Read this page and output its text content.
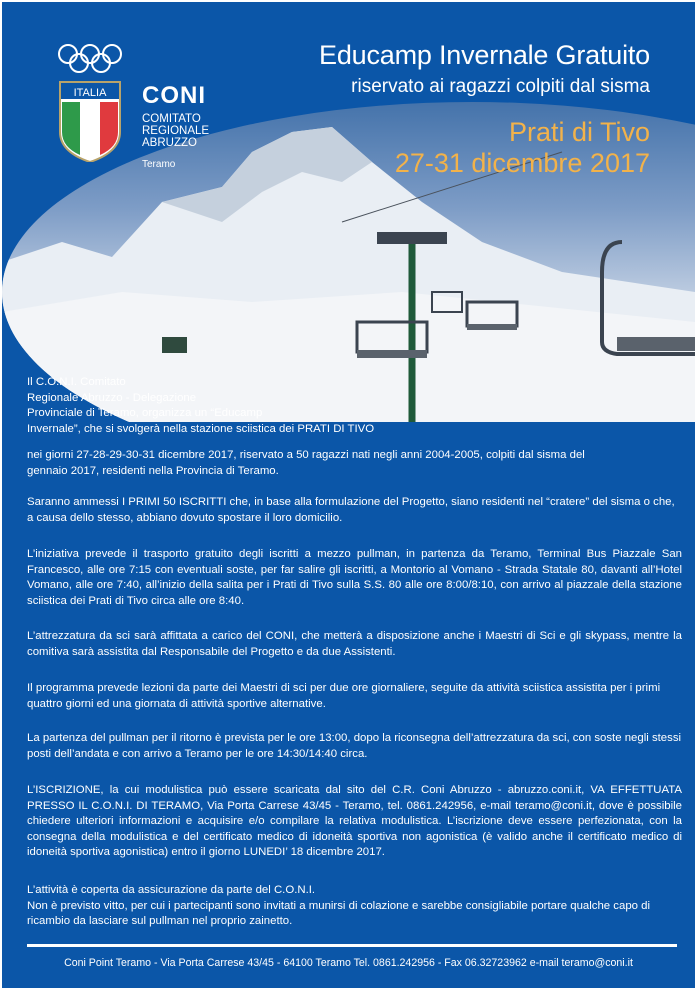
ITALIA CONI
COMITATO
REGIONALE
ABRUZZO
Teramo
Educamp Invernale Gratuito
riservato ai ragazzi colpiti dal sisma
Prati di Tivo
27-31 dicembre 2017
Il C.O.N.I. Comitato
Regionale Abruzzo - Delegazione
Provinciale di Teramo, organizza un “Educamp
Invernale”, che si svolgerà nella stazione sciistica dei PRATI DI TIVO
nei giorni 27-28-29-30-31 dicembre 2017, riservato a 50 ragazzi nati negli anni 2004-2005, colpiti dal sisma del gennaio 2017, residenti nella Provincia di Teramo.
Saranno ammessi I PRIMI 50 ISCRITTI che, in base alla formulazione del Progetto, siano residenti nel “cratere” del sisma o che, a causa dello stesso, abbiano dovuto spostare il loro domicilio.
L’iniziativa prevede il trasporto gratuito degli iscritti a mezzo pullman, in partenza da Teramo, Terminal Bus Piazzale San Francesco, alle ore 7:15 con eventuali soste, per far salire gli iscritti, a Montorio al Vomano - Strada Statale 80, davanti all’Hotel Vomano, alle ore 7:40, all’inizio della salita per i Prati di Tivo sulla S.S. 80 alle ore 8:00/8:10, con arrivo al piazzale della stazione sciistica dei Prati di Tivo circa alle ore 8:40.
L’attrezzatura da sci sarà affittata a carico del CONI, che metterà a disposizione anche i Maestri di Sci e gli skypass, mentre la comitiva sarà assistita dal Responsabile del Progetto e da due Assistenti.
Il programma prevede lezioni da parte dei Maestri di sci per due ore giornaliere, seguite da attività sciistica assistita per i primi quattro giorni ed una giornata di attività sportive alternative.
La partenza del pullman per il ritorno è prevista per le ore 13:00, dopo la riconsegna dell’attrezzatura da sci, con soste negli stessi posti dell’andata e con arrivo a Teramo per le ore 14:30/14:40 circa.
L’ISCRIZIONE, la cui modulistica può essere scaricata dal sito del C.R. Coni Abruzzo - abruzzo.coni.it, VA EFFETTUATA PRESSO IL C.O.N.I. DI TERAMO, Via Porta Carrese 43/45 - Teramo, tel. 0861.242956, e-mail teramo@coni.it, dove è possibile chiedere ulteriori informazioni e acquisire e/o compilare la relativa modulistica. L’iscrizione deve essere perfezionata, con la consegna della modulistica e del certificato medico di idoneità sportiva non agonistica (è valido anche il certificato medico di idoneità sportiva agonistica) entro il giorno LUNEDI’ 18 dicembre 2017.
L’attività è coperta da assicurazione da parte del C.O.N.I.
Non è previsto vitto, per cui i partecipanti sono invitati a munirsi di colazione e sarebbe consigliabile portare qualche capo di ricambio da lasciare sul pullman nel proprio zainetto.
Coni Point Teramo - Via Porta Carrese 43/45 - 64100 Teramo Tel. 0861.242956 - Fax 06.32723962 e-mail teramo@coni.it
